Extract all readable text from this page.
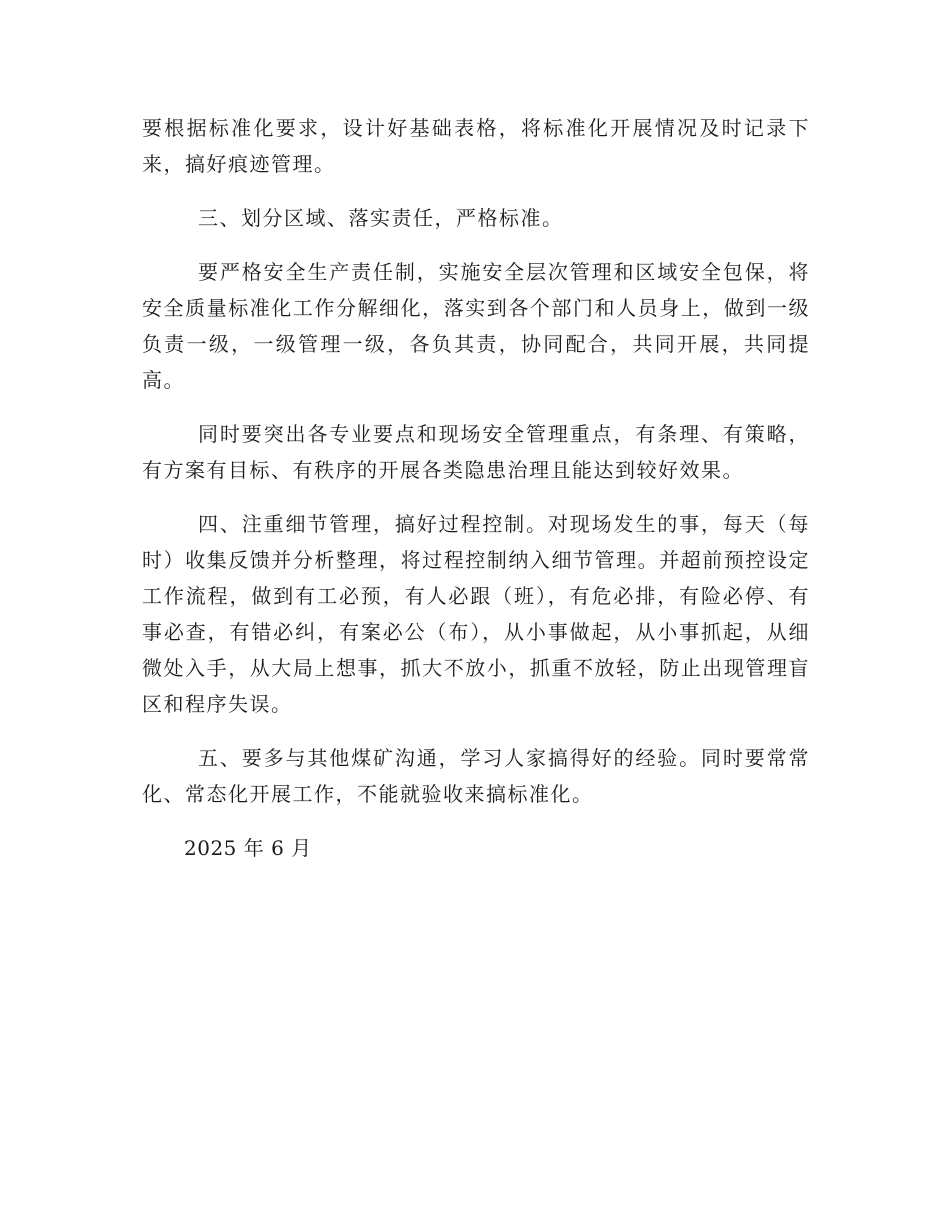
要根据标准化要求，设计好基础表格，将标准化开展情况及时记录下来，搞好痕迹管理。

三、划分区域、落实责任，严格标准。

要严格安全生产责任制，实施安全层次管理和区域安全包保，将安全质量标准化工作分解细化，落实到各个部门和人员身上，做到一级负责一级，一级管理一级，各负其责，协同配合，共同开展，共同提高。

同时要突出各专业要点和现场安全管理重点，有条理、有策略，有方案有目标、有秩序的开展各类隐患治理且能达到较好效果。

四、注重细节管理，搞好过程控制。对现场发生的事，每天（每时）收集反馈并分析整理，将过程控制纳入细节管理。并超前预控设定工作流程，做到有工必预，有人必跟（班），有危必排，有险必停、有事必查，有错必纠，有案必公（布），从小事做起，从小事抓起，从细微处入手，从大局上想事，抓大不放小，抓重不放轻，防止出现管理盲区和程序失误。

五、要多与其他煤矿沟通，学习人家搞得好的经验。同时要常常化、常态化开展工作，不能就验收来搞标准化。

2025 年 6 月
